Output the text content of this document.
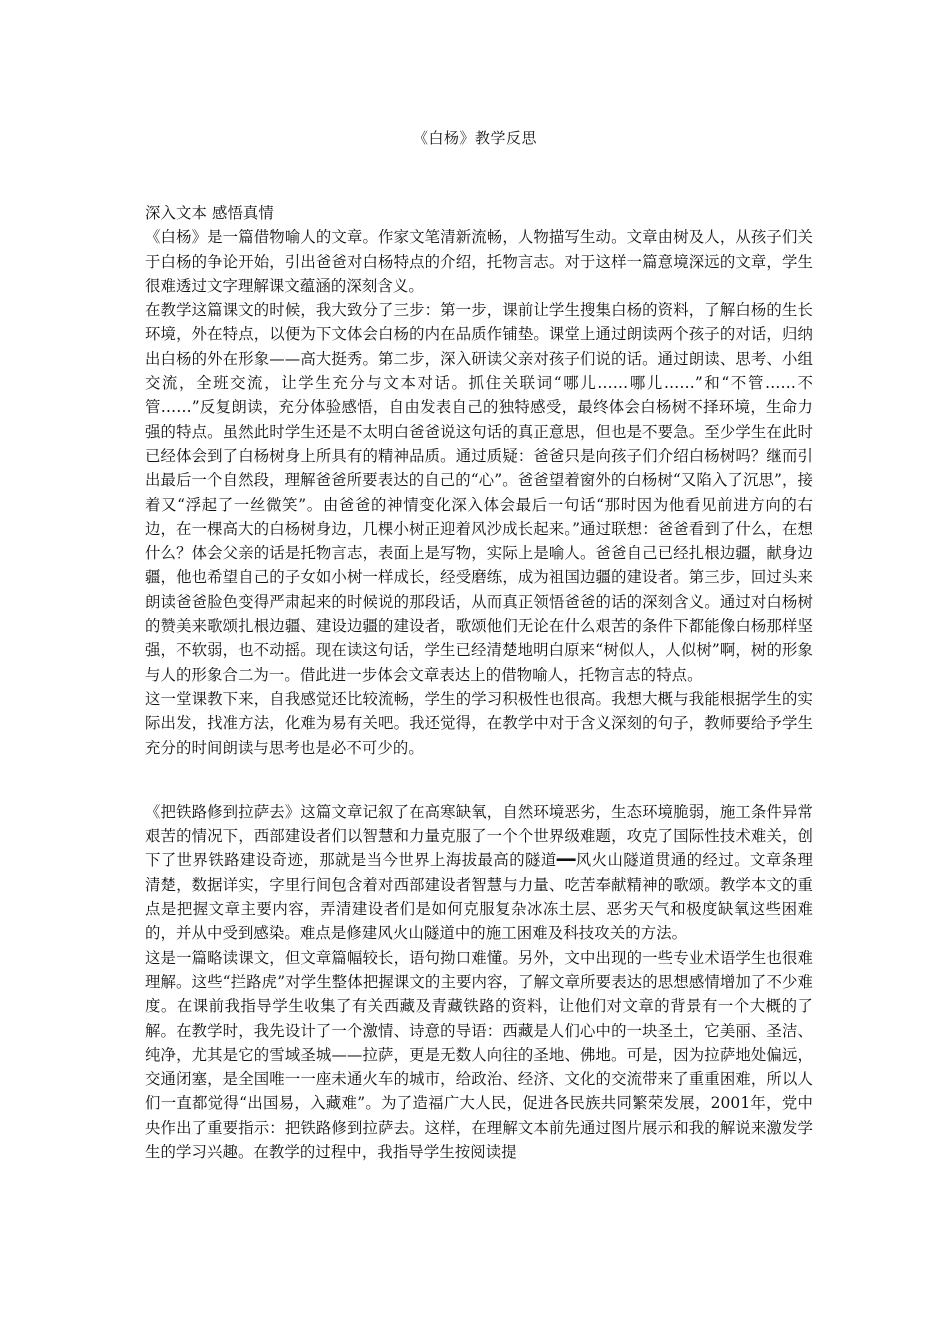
《白杨》教学反思

深入文本 感悟真情

《白杨》是一篇借物喻人的文章。作家文笔清新流畅，人物描写生动。文章由树及人，从孩子们关于白杨的争论开始，引出爸爸对白杨特点的介绍，托物言志。对于这样一篇意境深远的文章，学生很难透过文字理解课文蕴涵的深刻含义。

在教学这篇课文的时候，我大致分了三步：第一步，课前让学生搜集白杨的资料，了解白杨的生长环境，外在特点，以便为下文体会白杨的内在品质作铺垫。课堂上通过朗读两个孩子的对话，归纳出白杨的外在形象——高大挺秀。第二步，深入研读父亲对孩子们说的话。通过朗读、思考、小组交流，全班交流，让学生充分与文本对话。抓住关联词“哪儿……哪儿……”和“不管……不管……”反复朗读，充分体验感悟，自由发表自己的独特感受，最终体会白杨树不择环境，生命力强的特点。虽然此时学生还是不太明白爸爸说这句话的真正意思，但也是不要急。至少学生在此时已经体会到了白杨树身上所具有的精神品质。通过质疑：爸爸只是向孩子们介绍白杨树吗？继而引出最后一个自然段，理解爸爸所要表达的自己的“心”。爸爸望着窗外的白杨树“又陷入了沉思”，接着又“浮起了一丝微笑”。由爸爸的神情变化深入体会最后一句话“那时因为他看见前进方向的右边，在一棵高大的白杨树身边，几棵小树正迎着风沙成长起来。”通过联想：爸爸看到了什么，在想什么？体会父亲的话是托物言志，表面上是写物，实际上是喻人。爸爸自己已经扎根边疆，献身边疆，他也希望自己的子女如小树一样成长，经受磨练，成为祖国边疆的建设者。第三步，回过头来朗读爸爸脸色变得严肃起来的时候说的那段话，从而真正领悟爸爸的话的深刻含义。通过对白杨树的赞美来歌颂扎根边疆、建设边疆的建设者，歌颂他们无论在什么艰苦的条件下都能像白杨那样坚强，不软弱，也不动摇。现在读这句话，学生已经清楚地明白原来“树似人，人似树”啊，树的形象与人的形象合二为一。借此进一步体会文章表达上的借物喻人，托物言志的特点。

这一堂课教下来，自我感觉还比较流畅，学生的学习积极性也很高。我想大概与我能根据学生的实际出发，找准方法，化难为易有关吧。我还觉得，在教学中对于含义深刻的句子，教师要给予学生充分的时间朗读与思考也是必不可少的。

《把铁路修到拉萨去》这篇文章记叙了在高寒缺氧，自然环境恶劣，生态环境脆弱，施工条件异常艰苦的情况下，西部建设者们以智慧和力量克服了一个个世界级难题，攻克了国际性技术难关，创下了世界铁路建设奇迹，那就是当今世界上海拔最高的隧道━━风火山隧道贯通的经过。文章条理清楚，数据详实，字里行间包含着对西部建设者智慧与力量、吃苦奉献精神的歌颂。教学本文的重点是把握文章主要内容，弄清建设者们是如何克服复杂冰冻土层、恶劣天气和极度缺氧这些困难的，并从中受到感染。难点是修建风火山隧道中的施工困难及科技攻关的方法。

这是一篇略读课文，但文章篇幅较长，语句拗口难懂。另外，文中出现的一些专业术语学生也很难理解。这些“拦路虎”对学生整体把握课文的主要内容，了解文章所要表达的思想感情增加了不少难度。在课前我指导学生收集了有关西藏及青藏铁路的资料，让他们对文章的背景有一个大概的了解。在教学时，我先设计了一个激情、诗意的导语：西藏是人们心中的一块圣土，它美丽、圣洁、纯净，尤其是它的雪域圣城——拉萨，更是无数人向往的圣地、佛地。可是，因为拉萨地处偏远，交通闭塞，是全国唯一一座未通火车的城市，给政治、经济、文化的交流带来了重重困难，所以人们一直都觉得“出国易，入藏难”。为了造福广大人民，促进各民族共同繁荣发展，2001年，党中央作出了重要指示：把铁路修到拉萨去。这样，在理解文本前先通过图片展示和我的解说来激发学生的学习兴趣。在教学的过程中，我指导学生按阅读提
